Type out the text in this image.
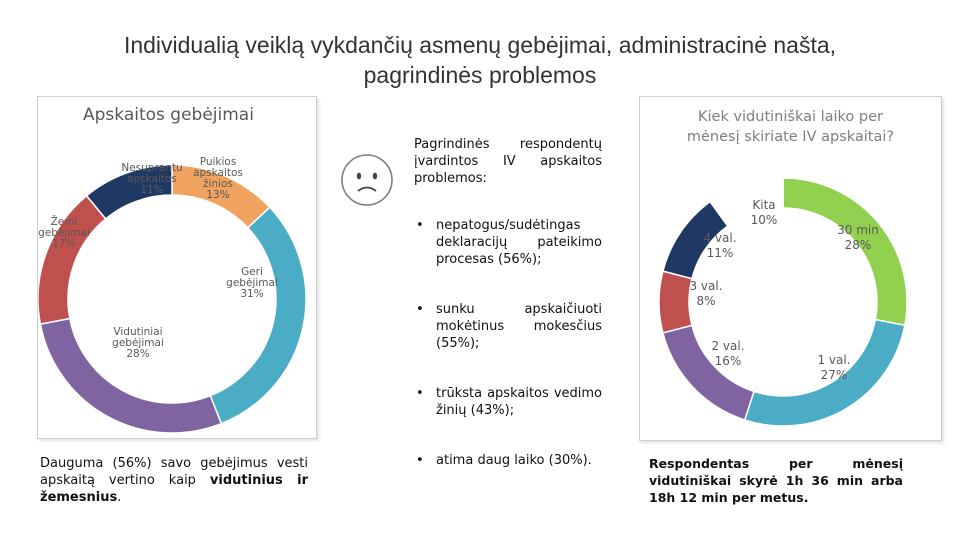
Individualią veiklą vykdančių asmenų gebėjimai, administracinė našta,
pagrindinės problemos
Apskaitos gebėjimai
Puikios apskaitos žinios 13%
Geri gebėjimai 31%
Vidutiniai gebėjimai 28%
Žemi gebėjimai 17%
Nesuprantu apskaitos 11%

Pagrindinės respondentų įvardintos IV apskaitos problemos:

• nepatogus/sudėtingas deklaracijų pateikimo procesas (56%);
• sunku apskaičiuoti mokėtinus mokesčius (55%);
• trūksta apskaitos vedimo žinių (43%);
• atima daug laiko (30%).
Kiek vidutiniškai laiko per
mėnesį skiriate IV apskaitai?
30 min 28%
1 val. 27%
2 val. 16%
3 val. 8%
4 val. 11%
Kita 10%
Dauguma (56%) savo gebėjimus vesti apskaitą vertino kaip vidutinius ir žemesnius.
Respondentas per mėnesį vidutiniškai skyrė 1h 36 min arba 18h 12 min per metus.
